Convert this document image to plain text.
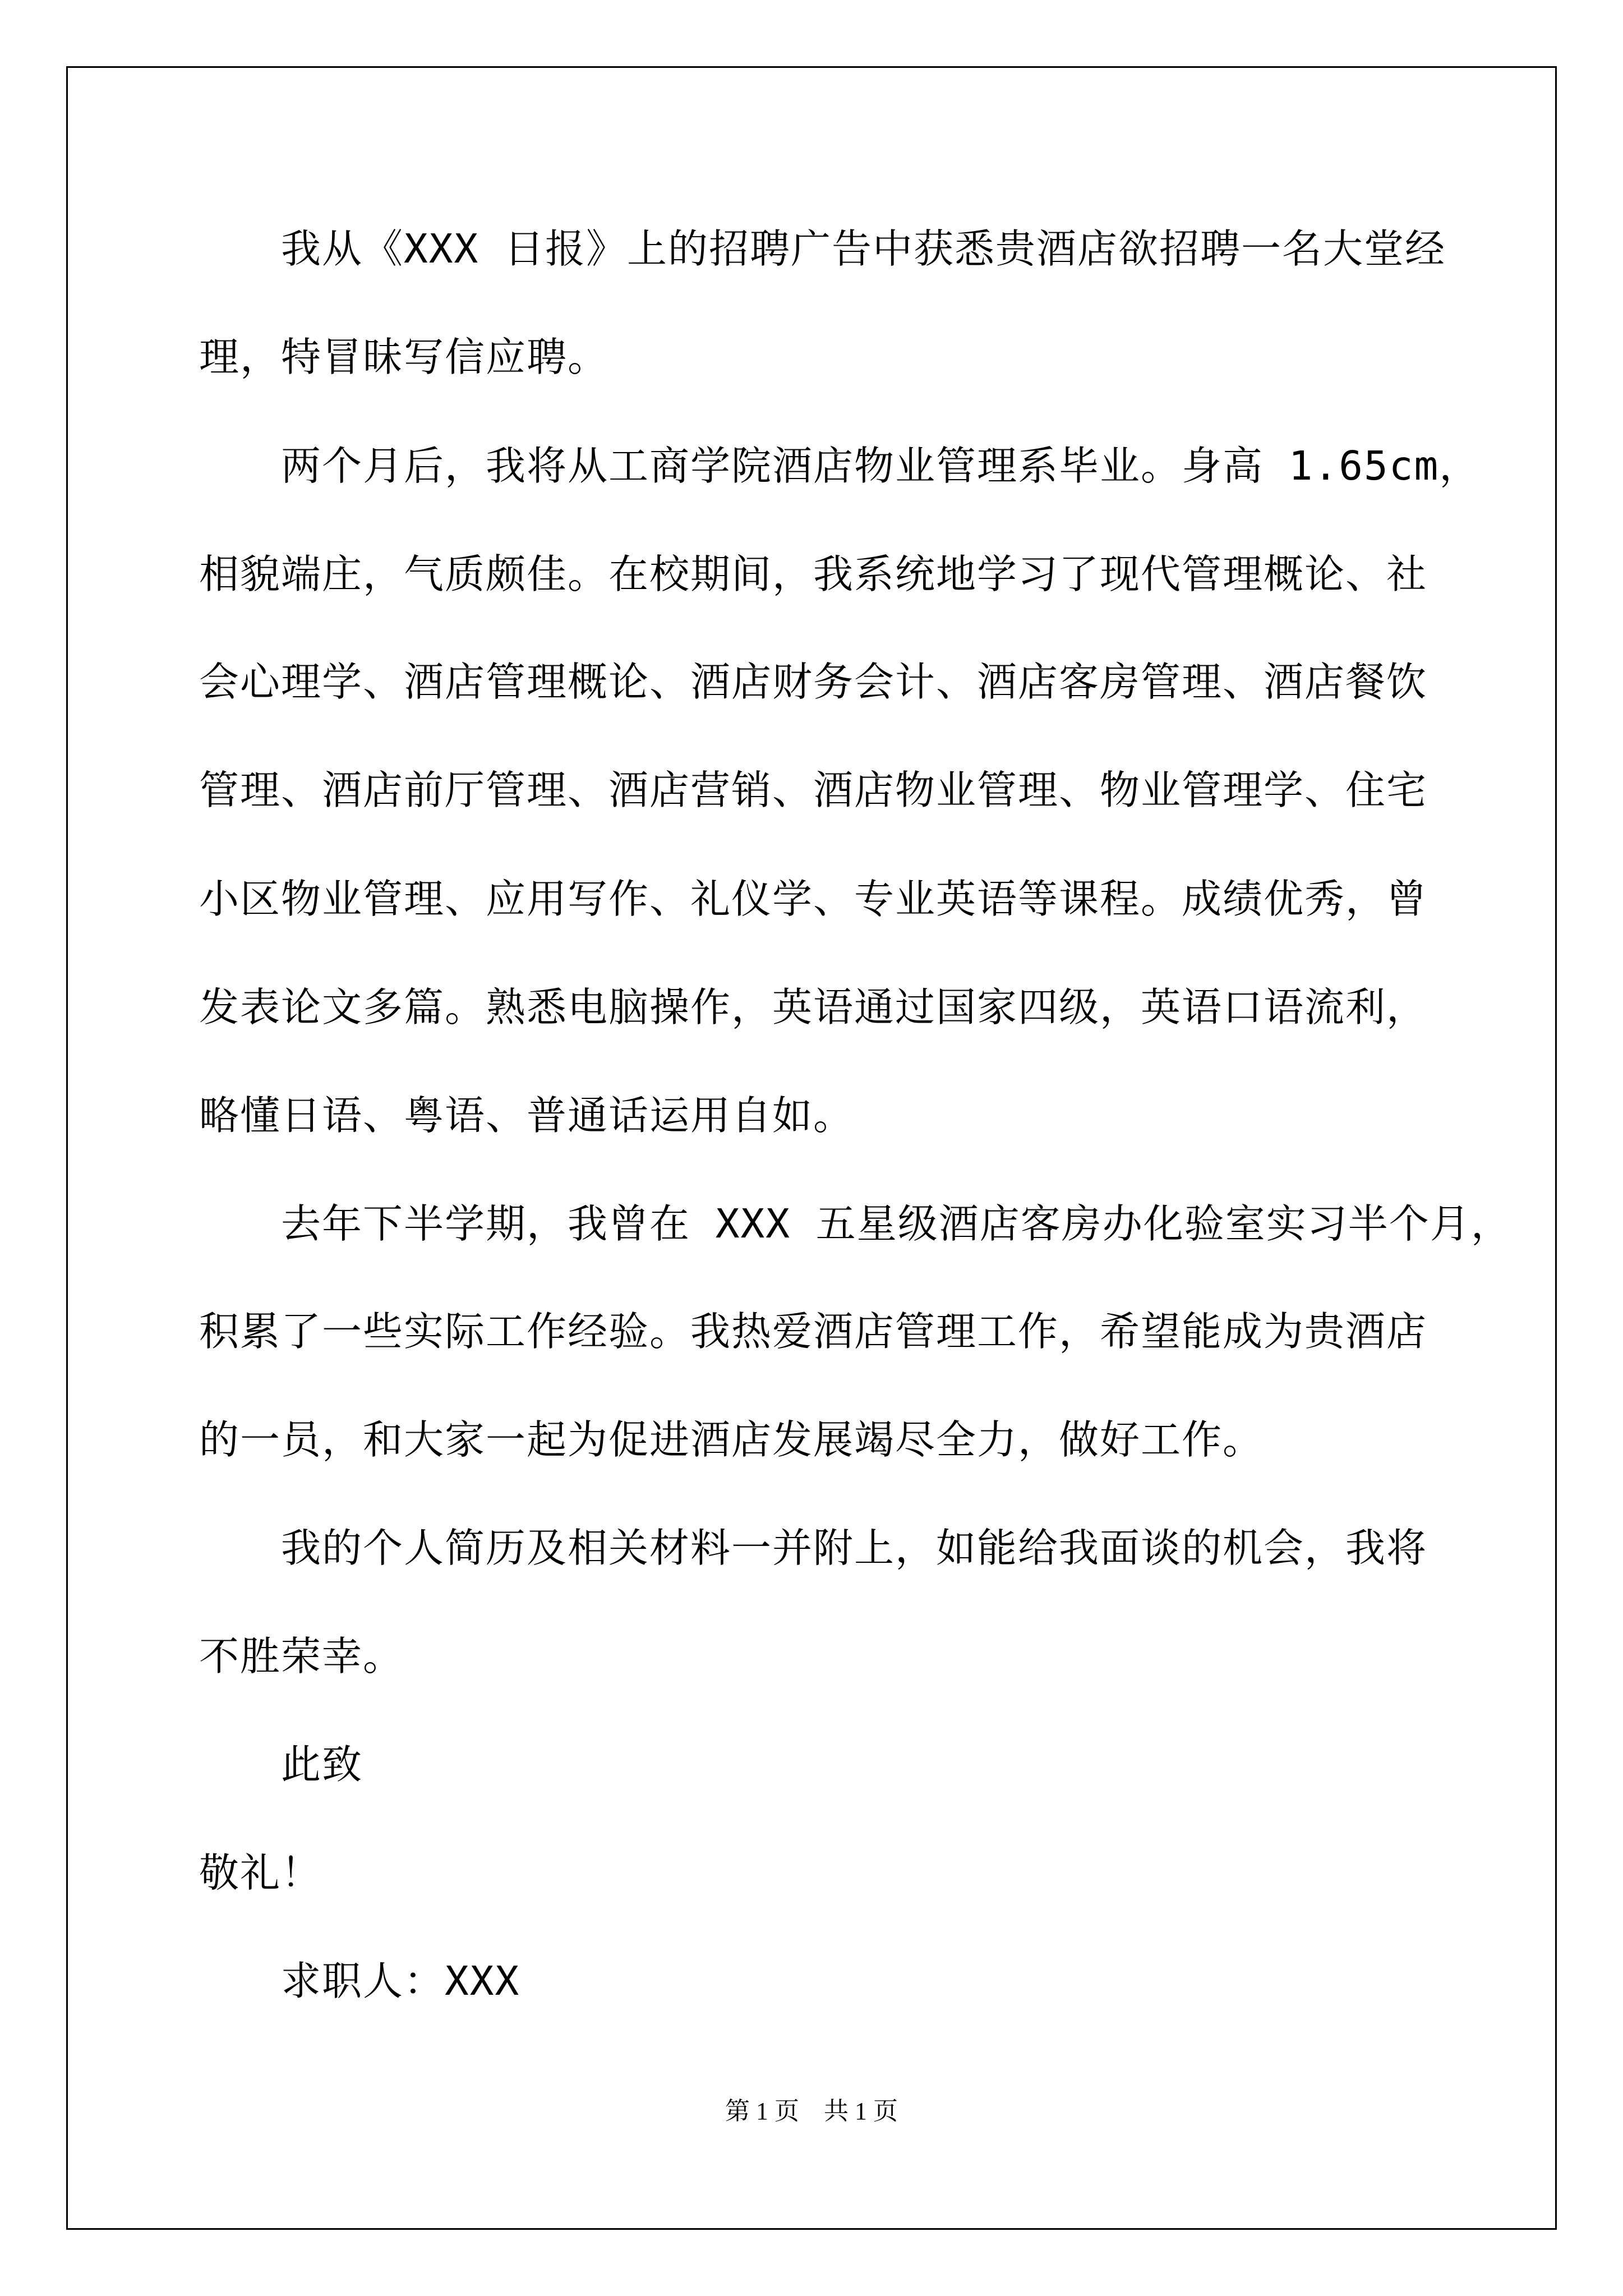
　　我从《XXX 日报》上的招聘广告中获悉贵酒店欲招聘一名大堂经

理，特冒昧写信应聘。

　　两个月后，我将从工商学院酒店物业管理系毕业。身高 1.65cm，

相貌端庄，气质颇佳。在校期间，我系统地学习了现代管理概论、社

会心理学、酒店管理概论、酒店财务会计、酒店客房管理、酒店餐饮

管理、酒店前厅管理、酒店营销、酒店物业管理、物业管理学、住宅

小区物业管理、应用写作、礼仪学、专业英语等课程。成绩优秀，曾

发表论文多篇。熟悉电脑操作，英语通过国家四级，英语口语流利，

略懂日语、粤语、普通话运用自如。

　　去年下半学期，我曾在 XXX 五星级酒店客房办化验室实习半个月，

积累了一些实际工作经验。我热爱酒店管理工作，希望能成为贵酒店

的一员，和大家一起为促进酒店发展竭尽全力，做好工作。

　　我的个人简历及相关材料一并附上，如能给我面谈的机会，我将

不胜荣幸。

　　此致

敬礼！

　　求职人：XXX

第 1 页　共 1 页
